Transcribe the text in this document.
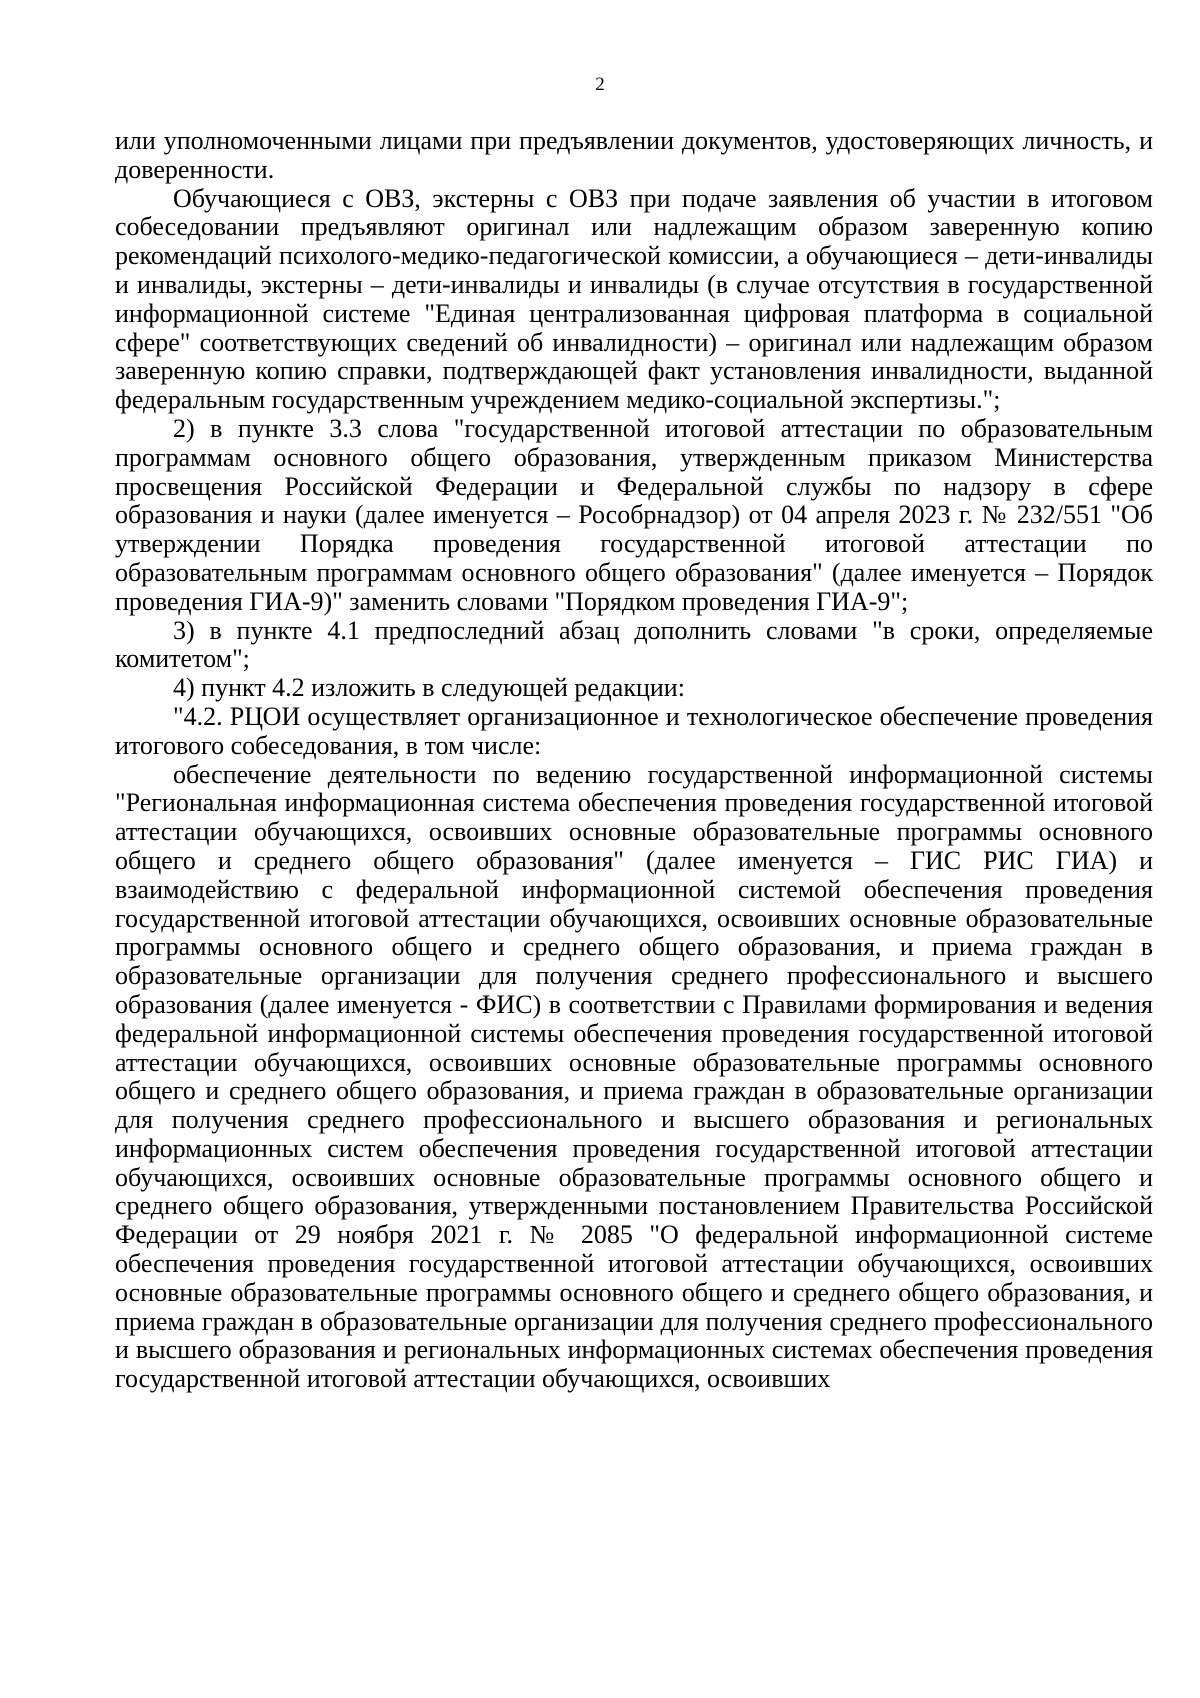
2

или уполномоченными лицами при предъявлении документов, удостоверяющих личность, и доверенности.

Обучающиеся с ОВЗ, экстерны с ОВЗ при подаче заявления об участии в итоговом собеседовании предъявляют оригинал или надлежащим образом заверенную копию рекомендаций психолого-медико-педагогической комиссии, а обучающиеся – дети-инвалиды и инвалиды, экстерны – дети-инвалиды и инвалиды (в случае отсутствия в государственной информационной системе "Единая централизованная цифровая платформа в социальной сфере" соответствующих сведений об инвалидности) – оригинал или надлежащим образом заверенную копию справки, подтверждающей факт установления инвалидности, выданной федеральным государственным учреждением медико-социальной экспертизы.";

2) в пункте 3.3 слова "государственной итоговой аттестации по образовательным программам основного общего образования, утвержденным приказом Министерства просвещения Российской Федерации и Федеральной службы по надзору в сфере образования и науки (далее именуется – Рособрнадзор) от 04 апреля 2023 г. № 232/551 "Об утверждении Порядка проведения государственной итоговой аттестации по образовательным программам основного общего образования" (далее именуется – Порядок проведения ГИА-9)" заменить словами "Порядком проведения ГИА-9";

3) в пункте 4.1 предпоследний абзац дополнить словами "в сроки, определяемые комитетом";

4) пункт 4.2 изложить в следующей редакции:

"4.2. РЦОИ осуществляет организационное и технологическое обеспечение проведения итогового собеседования, в том числе:

обеспечение деятельности по ведению государственной информационной системы "Региональная информационная система обеспечения проведения государственной итоговой аттестации обучающихся, освоивших основные образовательные программы основного общего и среднего общего образования" (далее именуется – ГИС РИС ГИА) и взаимодействию с федеральной информационной системой обеспечения проведения государственной итоговой аттестации обучающихся, освоивших основные образовательные программы основного общего и среднего общего образования, и приема граждан в образовательные организации для получения среднего профессионального и высшего образования (далее именуется - ФИС) в соответствии с Правилами формирования и ведения федеральной информационной системы обеспечения проведения государственной итоговой аттестации обучающихся, освоивших основные образовательные программы основного общего и среднего общего образования, и приема граждан в образовательные организации для получения среднего профессионального и высшего образования и региональных информационных систем обеспечения проведения государственной итоговой аттестации обучающихся, освоивших основные образовательные программы основного общего и среднего общего образования, утвержденными постановлением Правительства Российской Федерации от 29 ноября 2021 г. № 2085 "О федеральной информационной системе обеспечения проведения государственной итоговой аттестации обучающихся, освоивших основные образовательные программы основного общего и среднего общего образования, и приема граждан в образовательные организации для получения среднего профессионального и высшего образования и региональных информационных системах обеспечения проведения государственной итоговой аттестации обучающихся, освоивших
